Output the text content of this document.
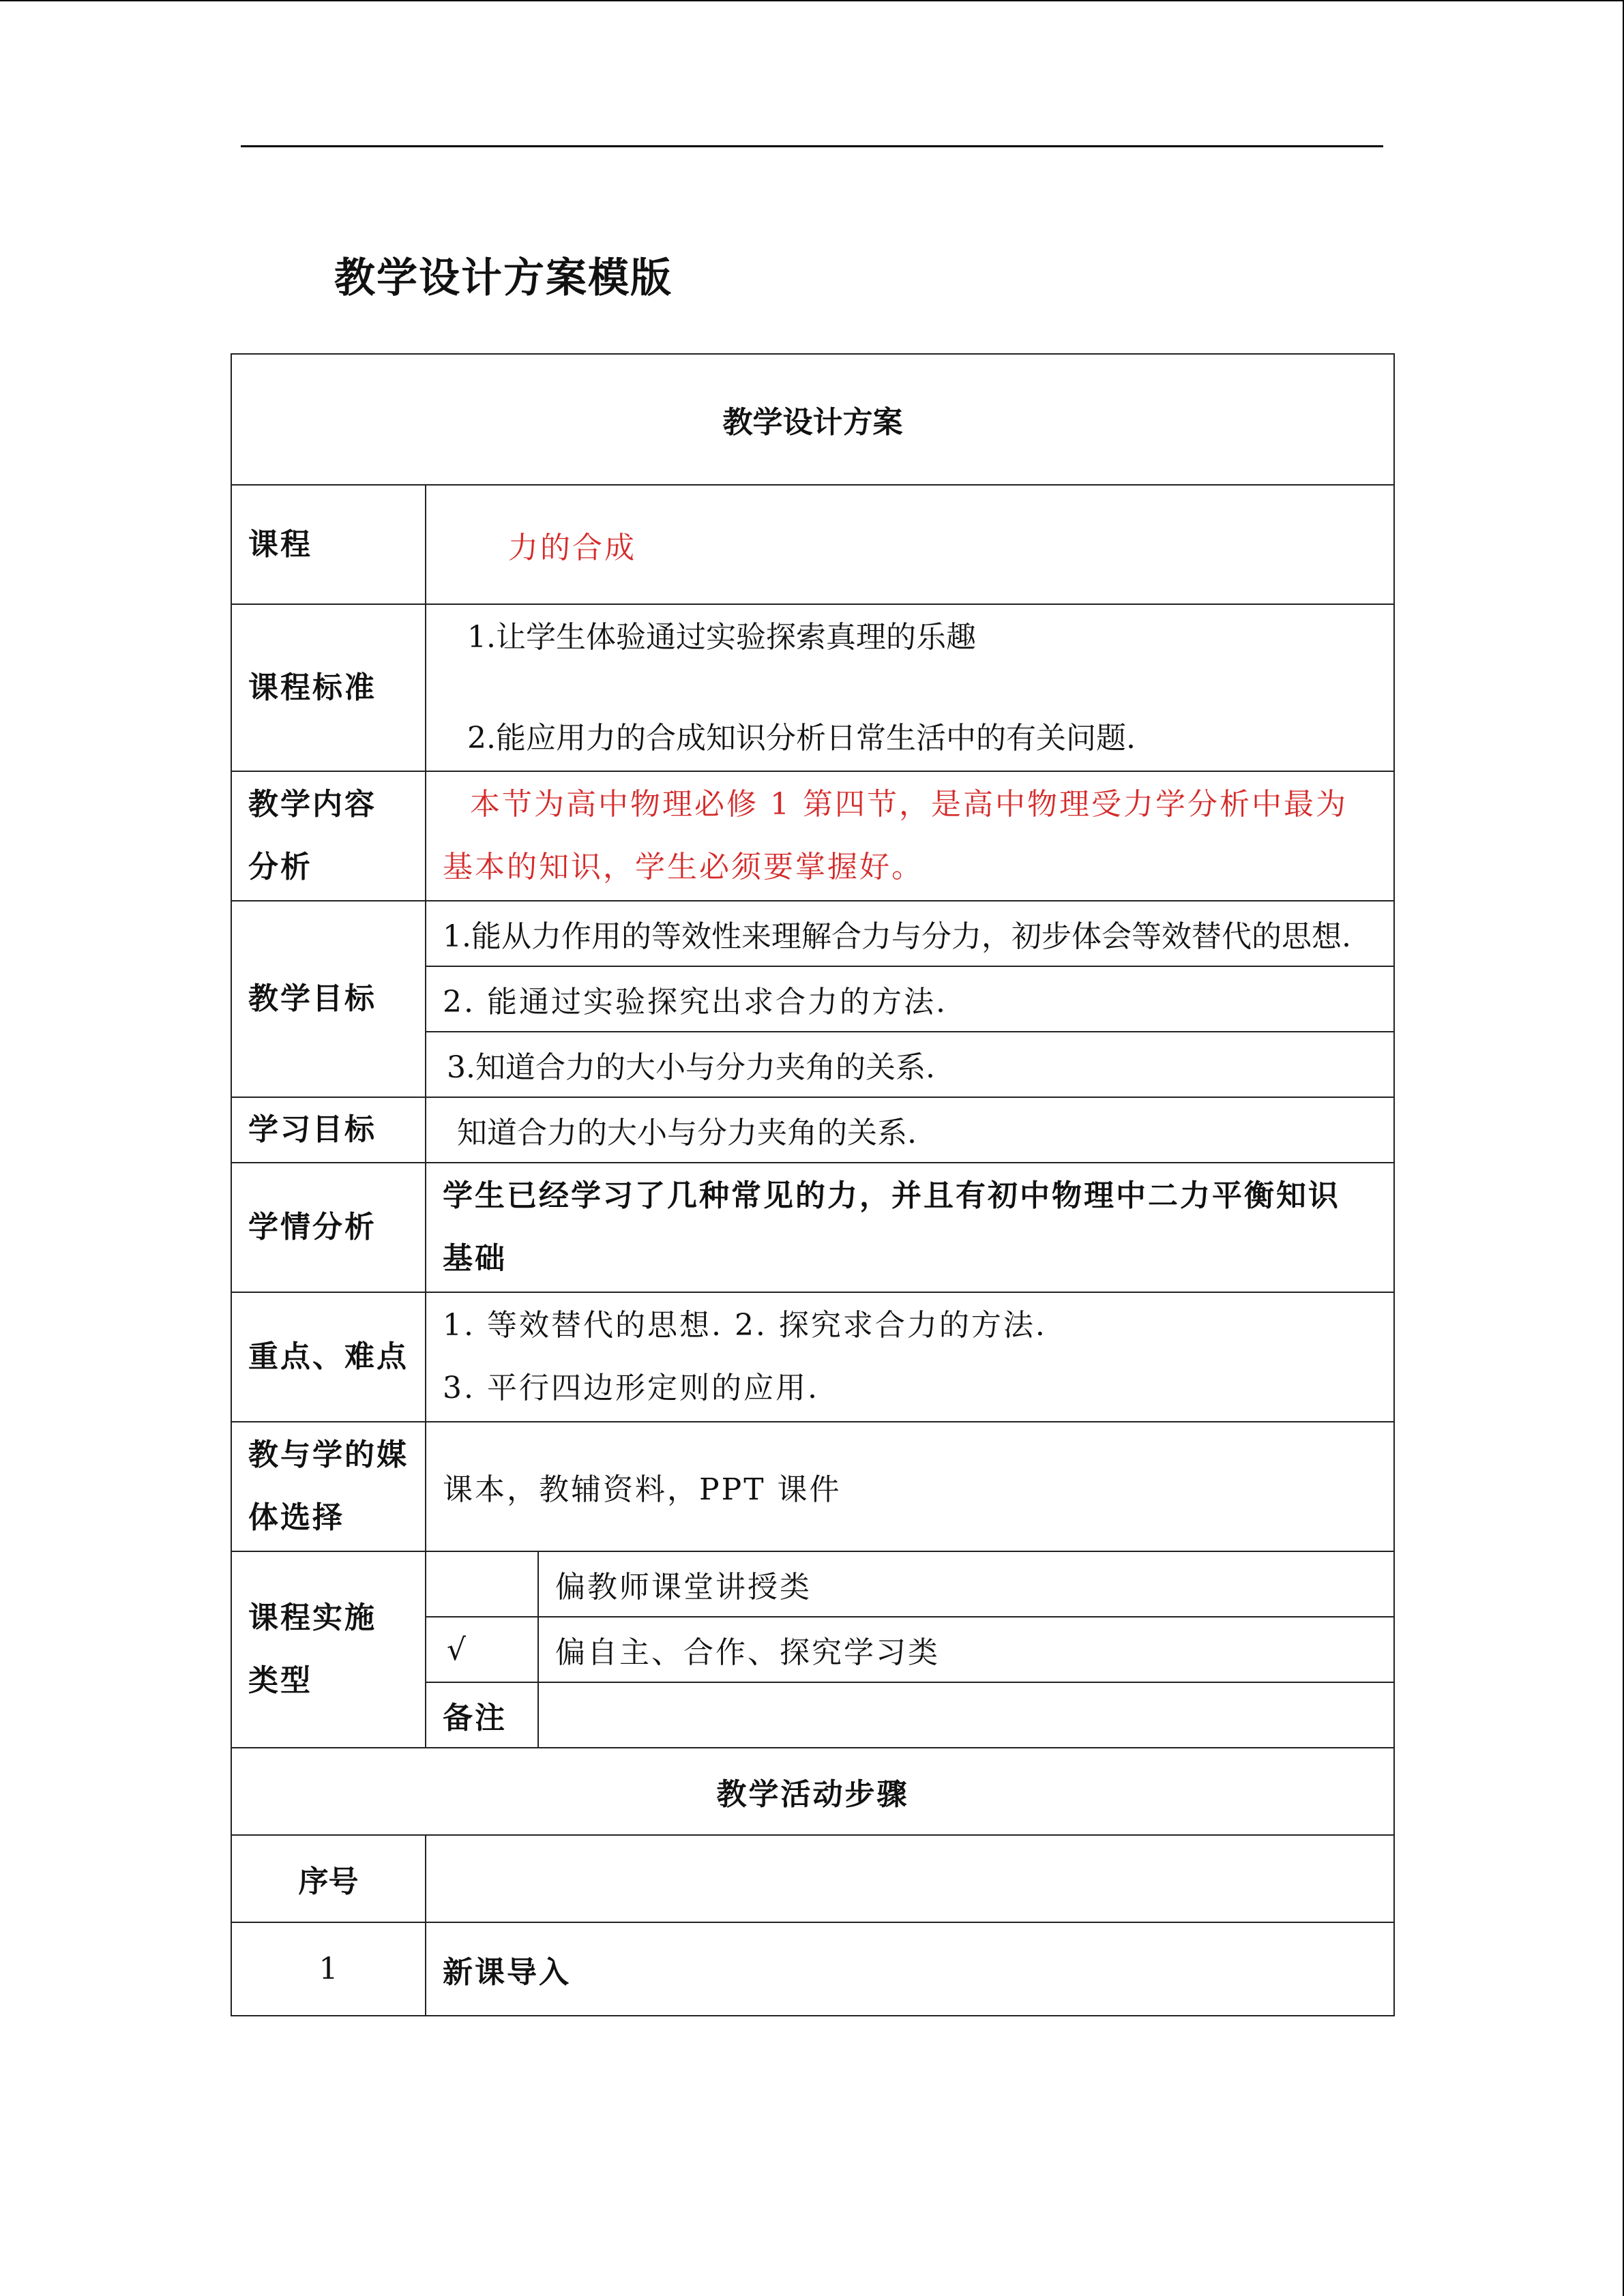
教学设计方案模版
教学设计方案		
课程	力的合成	
课程标准	1.让学生体验通过实验探索真理的乐趣
2.能应用力的合成知识分析日常生活中的有关问题.	

教学内容
分析	本节为高中物理必修 1 第四节，是高中物理受力学分析中最为
基本的知识，学生必须要掌握好。	

教学目标	1.能从力作用的等效性来理解合力与分力，初步体会等效替代的思想.	
	2. 能通过实验探究出求合力的方法.	
	3.知道合力的大小与分力夹角的关系.	
学习目标	知道合力的大小与分力夹角的关系.	
学情分析	学生已经学习了几种常见的力，并且有初中物理中二力平衡知识
基础	

重点、难点	1. 等效替代的思想. 2. 探究求合力的方法.
3. 平行四边形定则的应用.	

教与学的媒
体选择	课本，教辅资料，PPT 课件	

课程实施
类型		偏教师课堂讲授类
	√	偏自主、合作、探究学习类
	备注	
教学活动步骤		
序号		
1	新课导入	
